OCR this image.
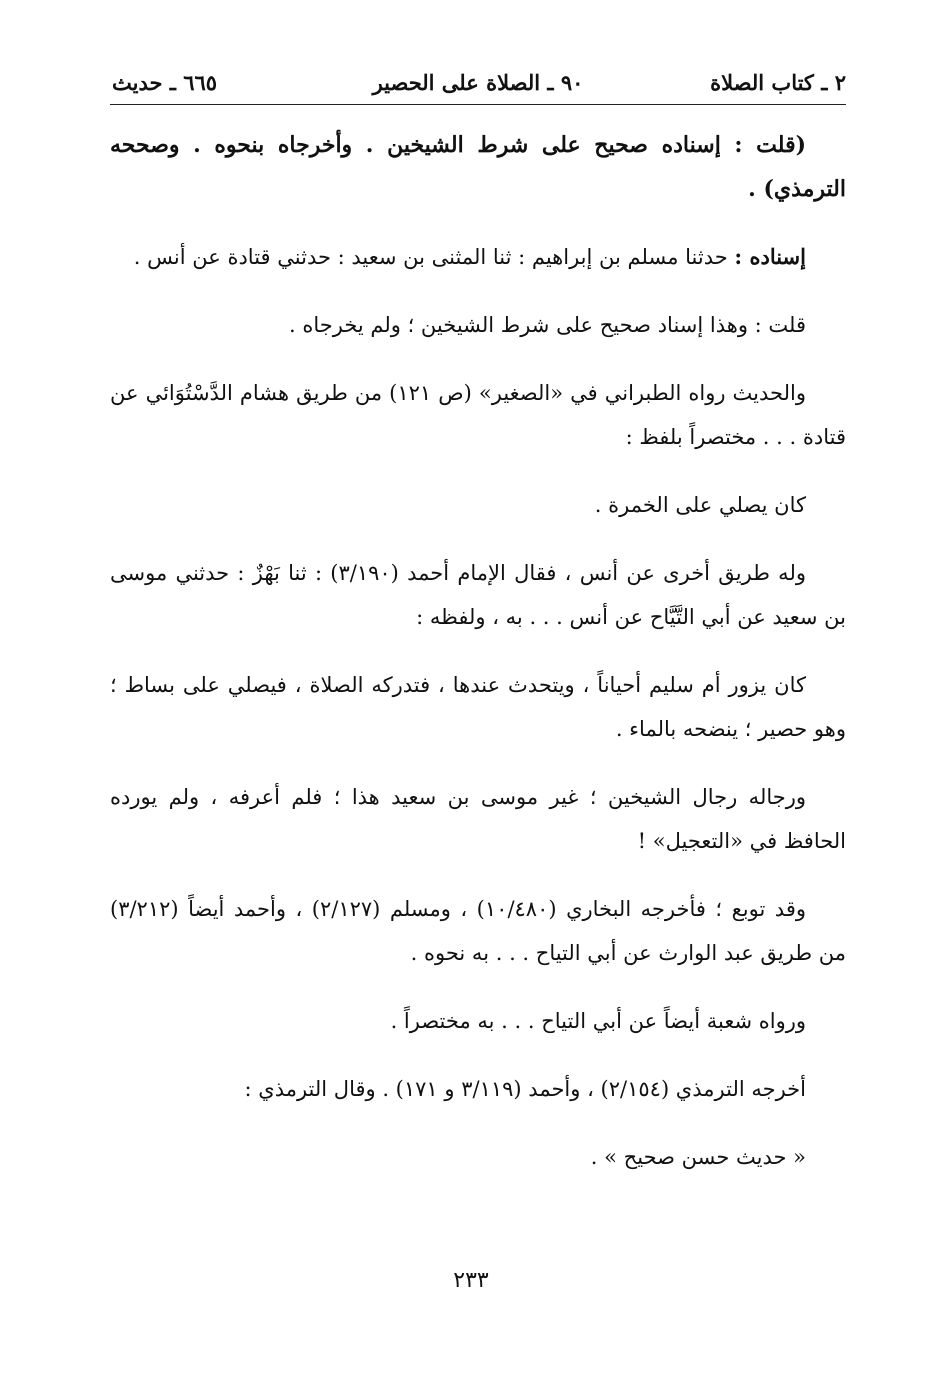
٢ ـ كتاب الصلاة
٩٠ ـ الصلاة على الحصير
٦٦٥ ـ حديث

(قلت : إسناده صحيح على شرط الشيخين . وأخرجاه بنحوه . وصححه الترمذي) .

إسناده : حدثنا مسلم بن إبراهيم : ثنا المثنى بن سعيد : حدثني قتادة عن أنس .

قلت : وهذا إسناد صحيح على شرط الشيخين ؛ ولم يخرجاه .

والحديث رواه الطبراني في «الصغير» (ص ١٢١) من طريق هشام الدَّسْتُوَائي عن قتادة . . . مختصراً بلفظ :

كان يصلي على الخمرة .

وله طريق أخرى عن أنس ، فقال الإمام أحمد (٣/١٩٠) : ثنا بَهْزٌ : حدثني موسى بن سعيد عن أبي التَّيَّاح عن أنس . . . به ، ولفظه :

كان يزور أم سليم أحياناً ، ويتحدث عندها ، فتدركه الصلاة ، فيصلي على بساط ؛ وهو حصير ؛ ينضحه بالماء .

ورجاله رجال الشيخين ؛ غير موسى بن سعيد هذا ؛ فلم أعرفه ، ولم يورده الحافظ في «التعجيل» !

وقد توبع ؛ فأخرجه البخاري (١٠/٤٨٠) ، ومسلم (٢/١٢٧) ، وأحمد أيضاً (٣/٢١٢) من طريق عبد الوارث عن أبي التياح . . . به نحوه .

ورواه شعبة أيضاً عن أبي التياح . . . به مختصراً .

أخرجه الترمذي (٢/١٥٤) ، وأحمد (٣/١١٩ و ١٧١) . وقال الترمذي :

« حديث حسن صحيح » .

٢٣٣
